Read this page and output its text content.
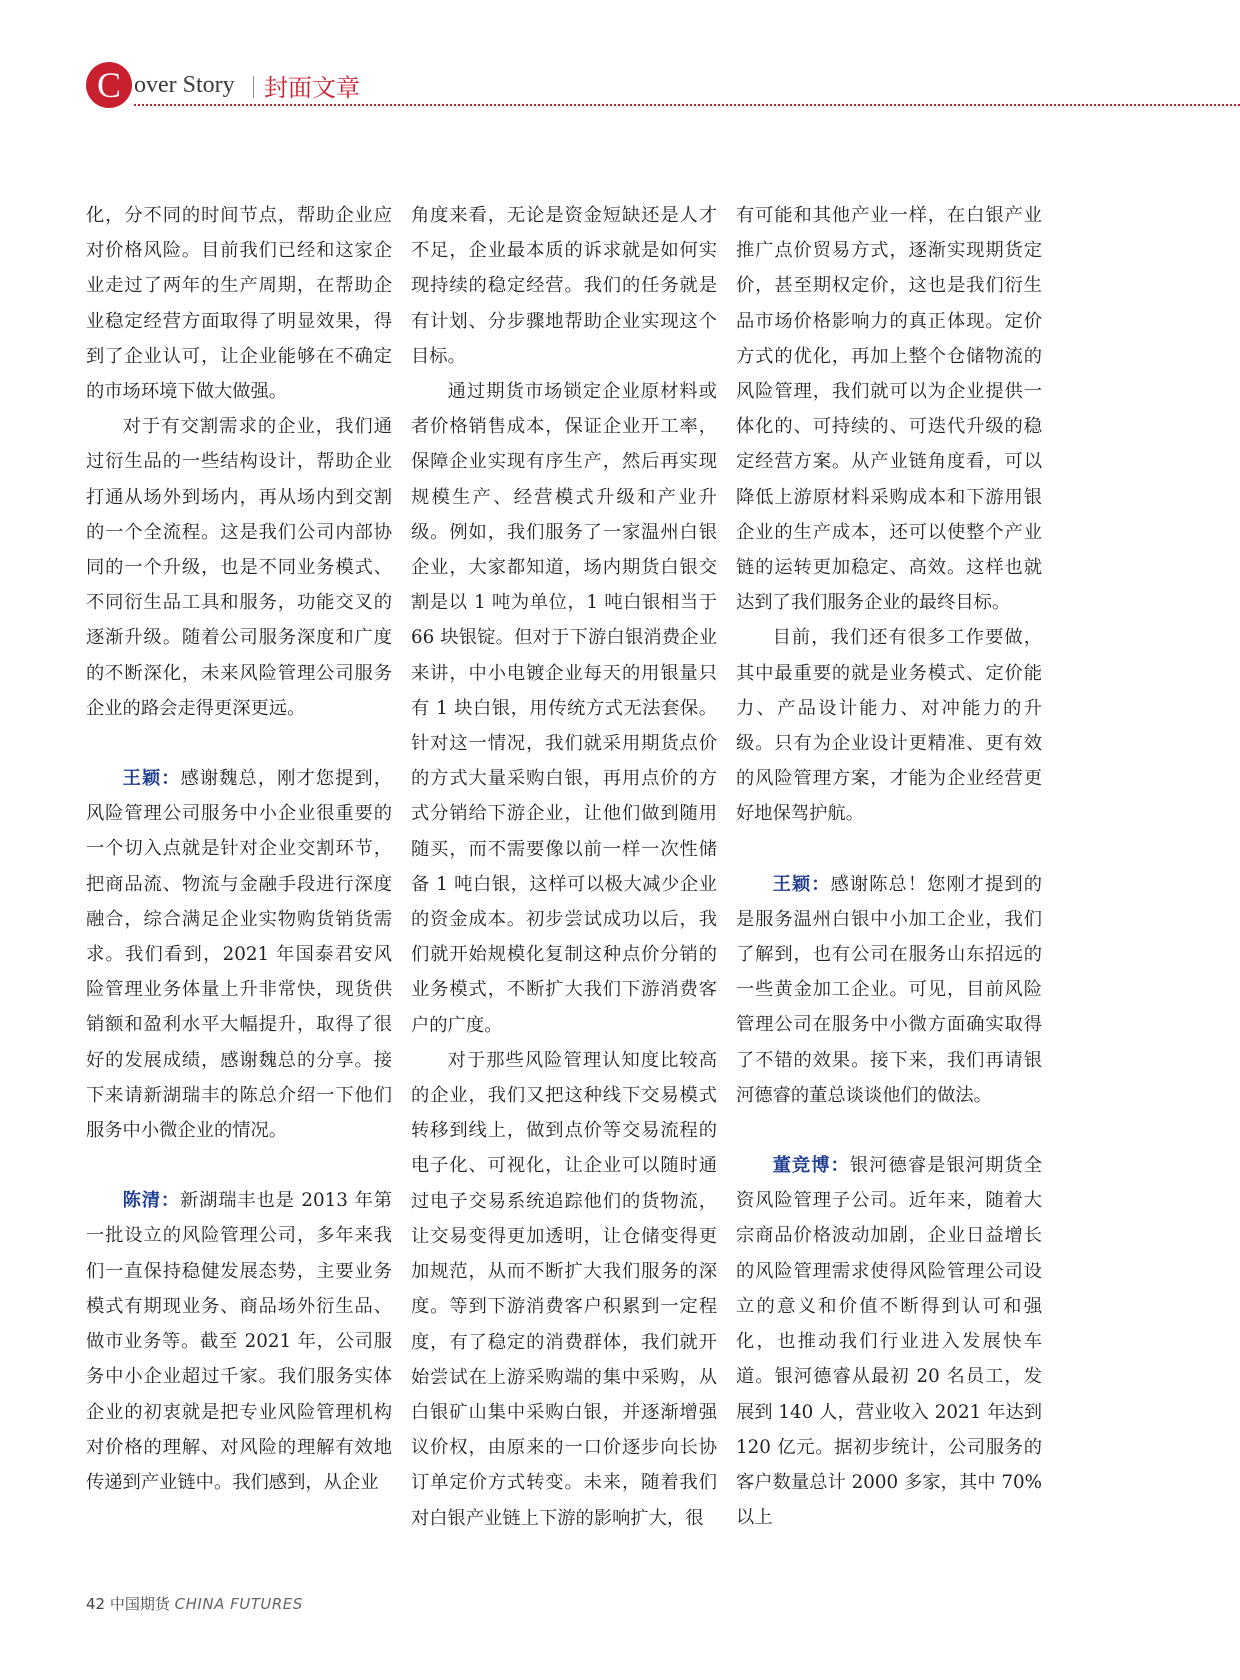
C over Story 封面文章

化，分不同的时间节点，帮助企业应对价格风险。目前我们已经和这家企业走过了两年的生产周期，在帮助企业稳定经营方面取得了明显效果，得到了企业认可，让企业能够在不确定的市场环境下做大做强。

对于有交割需求的企业，我们通过衍生品的一些结构设计，帮助企业打通从场外到场内，再从场内到交割的一个全流程。这是我们公司内部协同的一个升级，也是不同业务模式、不同衍生品工具和服务，功能交叉的逐渐升级。随着公司服务深度和广度的不断深化，未来风险管理公司服务企业的路会走得更深更远。

王颖：感谢魏总，刚才您提到，风险管理公司服务中小企业很重要的一个切入点就是针对企业交割环节，把商品流、物流与金融手段进行深度融合，综合满足企业实物购货销货需求。我们看到，2021 年国泰君安风险管理业务体量上升非常快，现货供销额和盈利水平大幅提升，取得了很好的发展成绩，感谢魏总的分享。接下来请新湖瑞丰的陈总介绍一下他们服务中小微企业的情况。

陈清：新湖瑞丰也是 2013 年第一批设立的风险管理公司，多年来我们一直保持稳健发展态势，主要业务模式有期现业务、商品场外衍生品、做市业务等。截至 2021 年，公司服务中小企业超过千家。我们服务实体企业的初衷就是把专业风险管理机构对价格的理解、对风险的理解有效地传递到产业链中。我们感到，从企业

角度来看，无论是资金短缺还是人才不足，企业最本质的诉求就是如何实现持续的稳定经营。我们的任务就是有计划、分步骤地帮助企业实现这个目标。

通过期货市场锁定企业原材料或者价格销售成本，保证企业开工率，保障企业实现有序生产，然后再实现规模生产、经营模式升级和产业升级。例如，我们服务了一家温州白银企业，大家都知道，场内期货白银交割是以 1 吨为单位，1 吨白银相当于 66 块银锭。但对于下游白银消费企业来讲，中小电镀企业每天的用银量只有 1 块白银，用传统方式无法套保。针对这一情况，我们就采用期货点价的方式大量采购白银，再用点价的方式分销给下游企业，让他们做到随用随买，而不需要像以前一样一次性储备 1 吨白银，这样可以极大减少企业的资金成本。初步尝试成功以后，我们就开始规模化复制这种点价分销的业务模式，不断扩大我们下游消费客户的广度。

对于那些风险管理认知度比较高的企业，我们又把这种线下交易模式转移到线上，做到点价等交易流程的电子化、可视化，让企业可以随时通过电子交易系统追踪他们的货物流，让交易变得更加透明，让仓储变得更加规范，从而不断扩大我们服务的深度。等到下游消费客户积累到一定程度，有了稳定的消费群体，我们就开始尝试在上游采购端的集中采购，从白银矿山集中采购白银，并逐渐增强议价权，由原来的一口价逐步向长协订单定价方式转变。未来，随着我们对白银产业链上下游的影响扩大，很

有可能和其他产业一样，在白银产业推广点价贸易方式，逐渐实现期货定价，甚至期权定价，这也是我们衍生品市场价格影响力的真正体现。定价方式的优化，再加上整个仓储物流的风险管理，我们就可以为企业提供一体化的、可持续的、可迭代升级的稳定经营方案。从产业链角度看，可以降低上游原材料采购成本和下游用银企业的生产成本，还可以使整个产业链的运转更加稳定、高效。这样也就达到了我们服务企业的最终目标。

目前，我们还有很多工作要做，其中最重要的就是业务模式、定价能力、产品设计能力、对冲能力的升级。只有为企业设计更精准、更有效的风险管理方案，才能为企业经营更好地保驾护航。

王颖：感谢陈总！您刚才提到的是服务温州白银中小加工企业，我们了解到，也有公司在服务山东招远的一些黄金加工企业。可见，目前风险管理公司在服务中小微方面确实取得了不错的效果。接下来，我们再请银河德睿的董总谈谈他们的做法。

董竞博：银河德睿是银河期货全资风险管理子公司。近年来，随着大宗商品价格波动加剧，企业日益增长的风险管理需求使得风险管理公司设立的意义和价值不断得到认可和强化，也推动我们行业进入发展快车道。银河德睿从最初 20 名员工，发展到 140 人，营业收入 2021 年达到 120 亿元。据初步统计，公司服务的客户数量总计 2000 多家，其中 70% 以上

42 中国期货 CHINA FUTURES
